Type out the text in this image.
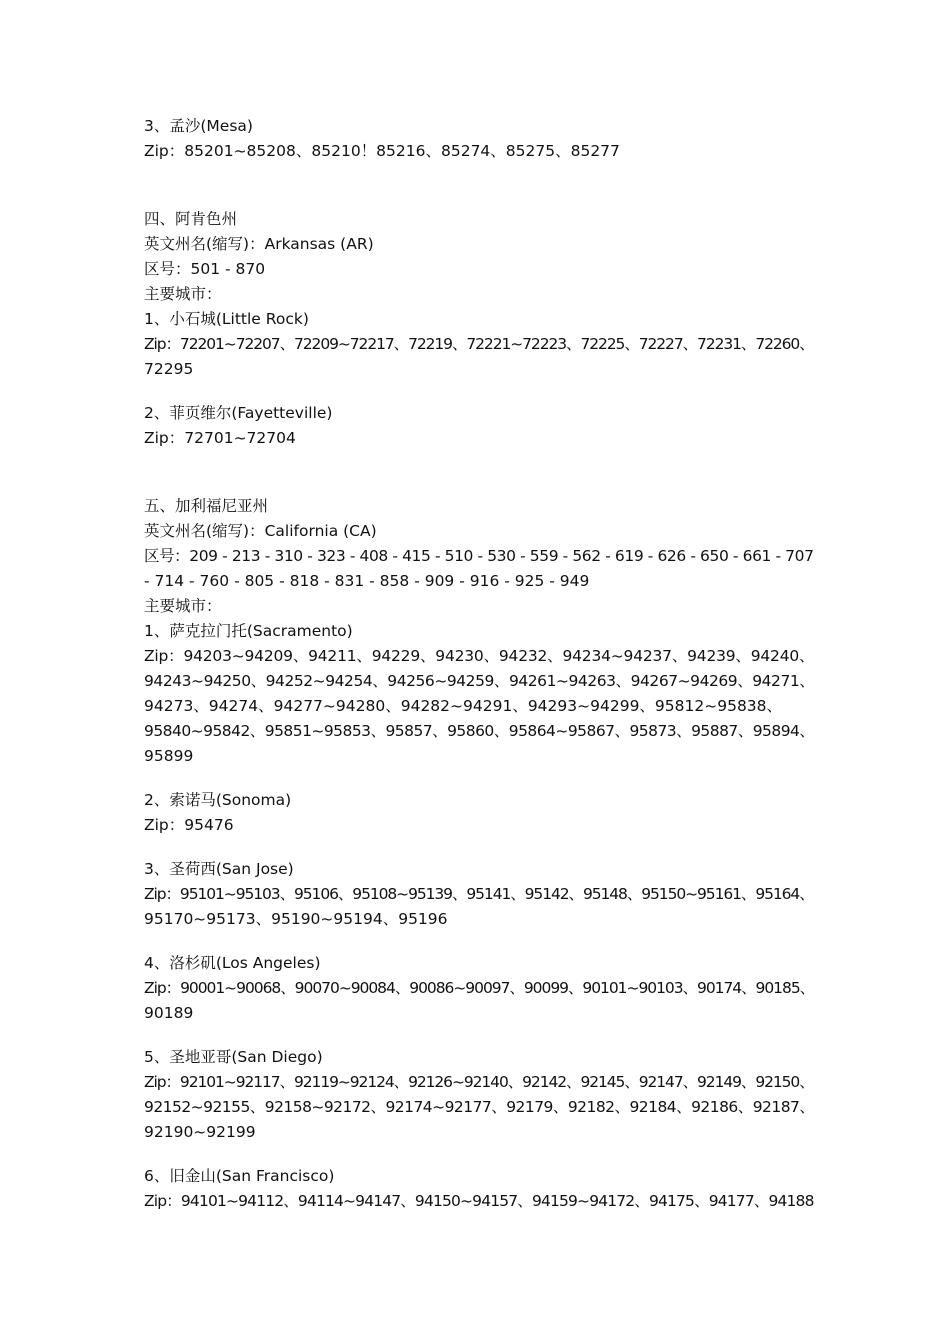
3、孟沙(Mesa)
Zip：85201~85208、85210！85216、85274、85275、85277
四、阿肯色州
英文州名(缩写)：Arkansas (AR)
区号：501 - 870
主要城市：
1、小石城(Little Rock)
Zip：72201~72207、72209~72217、72219、72221~72223、72225、72227、72231、72260、
72295
2、菲页维尔(Fayetteville)
Zip：72701~72704
五、加利福尼亚州
英文州名(缩写)：California (CA)
区号：209 - 213 - 310 - 323 - 408 - 415 - 510 - 530 - 559 - 562 - 619 - 626 - 650 - 661 - 707
- 714 - 760 - 805 - 818 - 831 - 858 - 909 - 916 - 925 - 949
主要城市：
1、萨克拉门托(Sacramento)
Zip：94203~94209、94211、94229、94230、94232、94234~94237、94239、94240、
94243~94250、94252~94254、94256~94259、94261~94263、94267~94269、94271、
94273、94274、94277~94280、94282~94291、94293~94299、95812~95838、
95840~95842、95851~95853、95857、95860、95864~95867、95873、95887、95894、
95899
2、索诺马(Sonoma)
Zip：95476
3、圣荷西(San Jose)
Zip：95101~95103、95106、95108~95139、95141、95142、95148、95150~95161、95164、
95170~95173、95190~95194、95196
4、洛杉矶(Los Angeles)
Zip：90001~90068、90070~90084、90086~90097、90099、90101~90103、90174、90185、
90189
5、圣地亚哥(San Diego)
Zip：92101~92117、92119~92124、92126~92140、92142、92145、92147、92149、92150、
92152~92155、92158~92172、92174~92177、92179、92182、92184、92186、92187、
92190~92199
6、旧金山(San Francisco)
Zip：94101~94112、94114~94147、94150~94157、94159~94172、94175、94177、94188
